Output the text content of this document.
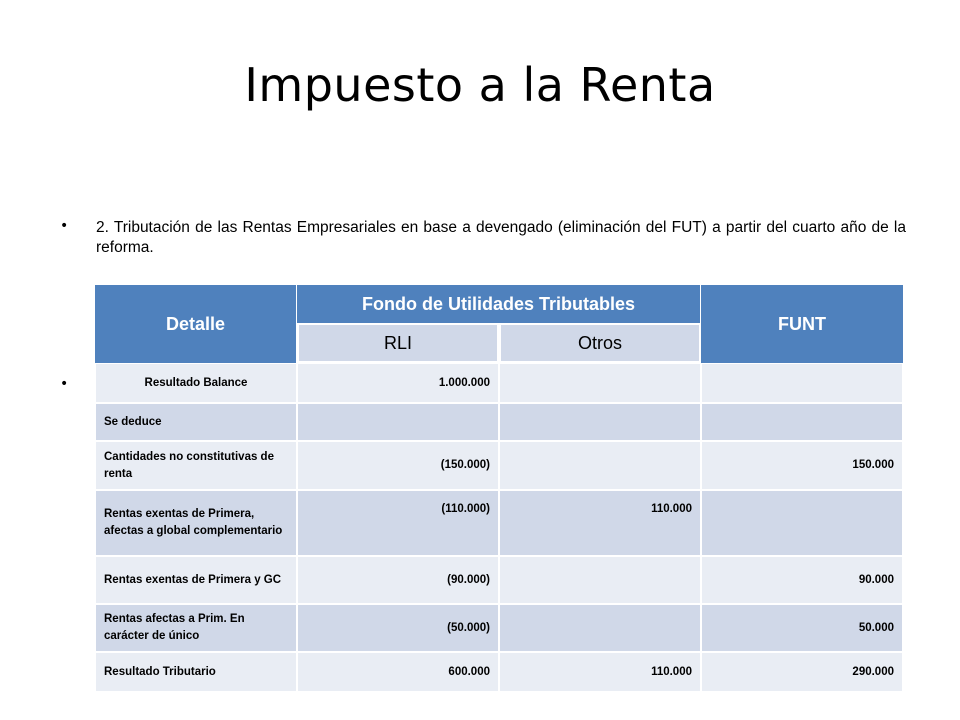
Impuesto a la Renta
• 2. Tributación de las Rentas Empresariales en base a devengado (eliminación del FUT) a partir del cuarto año de la reforma.
•
Detalle	Fondo de Utilidades Tributables		FUNT
	RLI	Otros	
Resultado Balance	1.000.000		
Se deduce			
Cantidades no constitutivas de renta	(150.000)		150.000
Rentas exentas de Primera, afectas a global complementario	(110.000)	110.000	
Rentas exentas de Primera y GC	(90.000)		90.000
Rentas afectas a Prim. En carácter de único	(50.000)		50.000
Resultado Tributario	600.000	110.000	290.000
